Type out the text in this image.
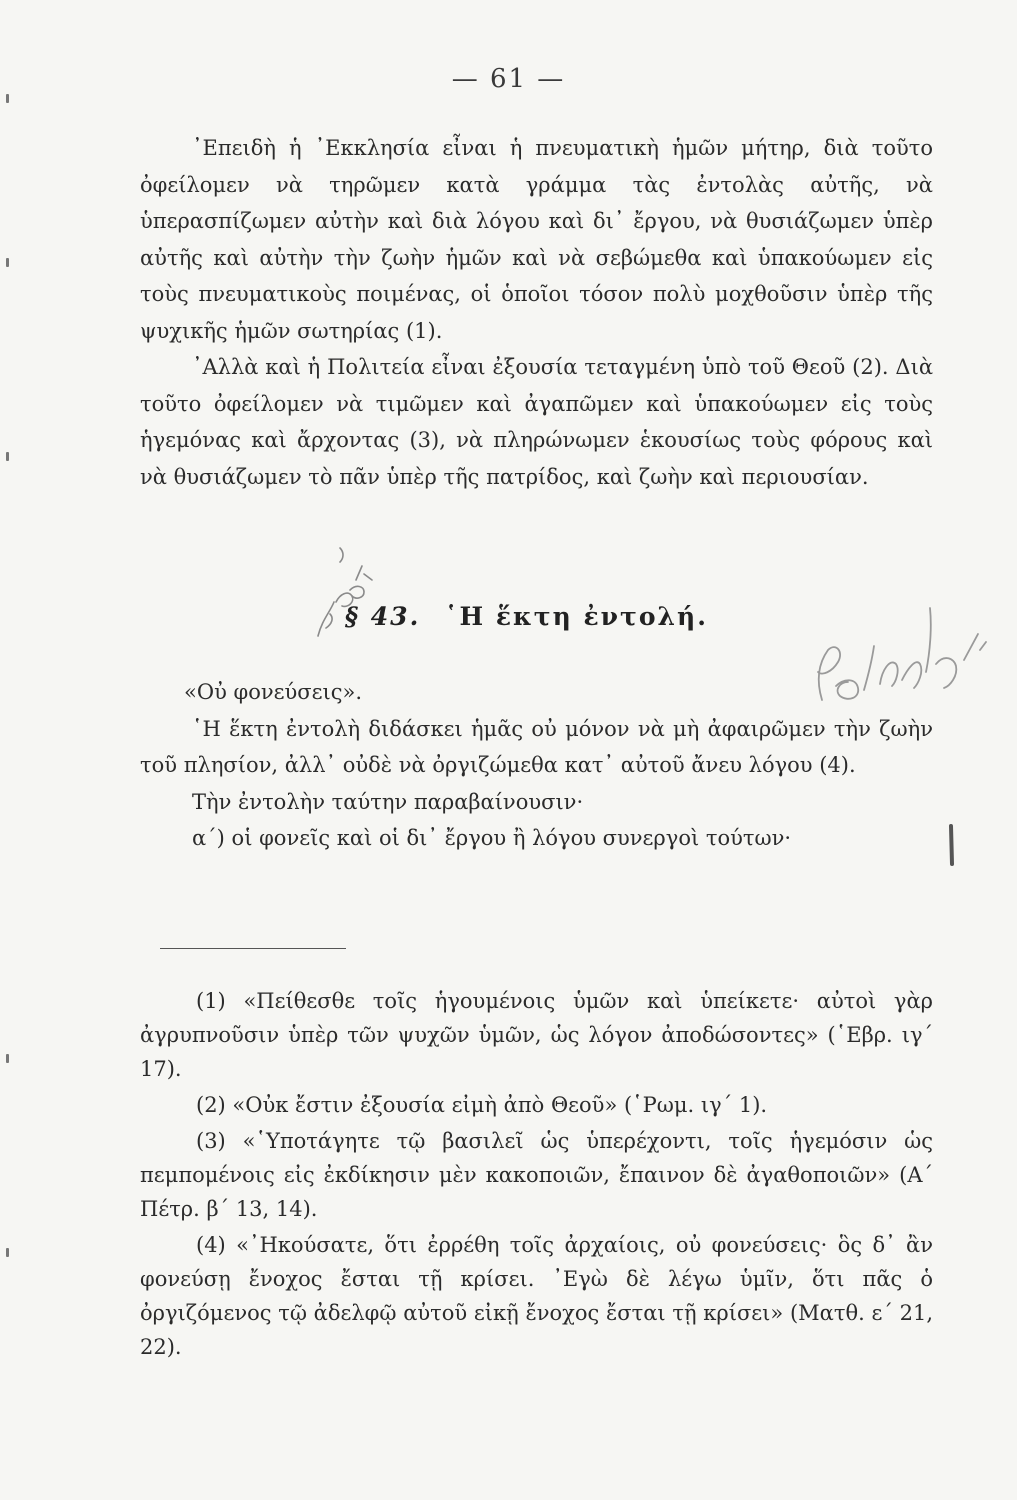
— 61 —

᾿Επειδὴ ἡ ᾿Εκκλησία εἶναι ἡ πνευματικὴ ἡμῶν μήτηρ, διὰ τοῦτο ὀφείλομεν νὰ τηρῶμεν κατὰ γράμμα τὰς ἐντολὰς αὐτῆς, νὰ ὑπερασπίζωμεν αὐτὴν καὶ διὰ λόγου καὶ δι᾿ ἔργου, νὰ θυσιάζωμεν ὑπὲρ αὐτῆς καὶ αὐτὴν τὴν ζωὴν ἡμῶν καὶ νὰ σεβώμεθα καὶ ὑπακούωμεν εἰς τοὺς πνευματικοὺς ποιμένας, οἱ ὁποῖοι τόσον πολὺ μοχθοῦσιν ὑπὲρ τῆς ψυχικῆς ἡμῶν σωτηρίας (1).

᾿Αλλὰ καὶ ἡ Πολιτεία εἶναι ἐξουσία τεταγμένη ὑπὸ τοῦ Θεοῦ (2). Διὰ τοῦτο ὀφείλομεν νὰ τιμῶμεν καὶ ἀγαπῶμεν καὶ ὑπακούωμεν εἰς τοὺς ἡγεμόνας καὶ ἄρχοντας (3), νὰ πληρώνωμεν ἑκουσίως τοὺς φόρους καὶ νὰ θυσιάζωμεν τὸ πᾶν ὑπὲρ τῆς πατρίδος, καὶ ζωὴν καὶ περιουσίαν.

§ 43. ῾Η ἕκτη ἐντολή.

«Οὐ φονεύσεις».

῾Η ἕκτη ἐντολὴ διδάσκει ἡμᾶς οὐ μόνον νὰ μὴ ἀφαιρῶμεν τὴν ζωὴν τοῦ πλησίον, ἀλλ᾿ οὐδὲ νὰ ὀργιζώμεθα κατ᾿ αὐτοῦ ἄνευ λόγου (4).

Τὴν ἐντολὴν ταύτην παραβαίνουσιν·

α΄) οἱ φονεῖς καὶ οἱ δι᾿ ἔργου ἢ λόγου συνεργοὶ τούτων·

(1) «Πείθεσθε τοῖς ἡγουμένοις ὑμῶν καὶ ὑπείκετε· αὐτοὶ γὰρ ἀγρυπνοῦσιν ὑπὲρ τῶν ψυχῶν ὑμῶν, ὡς λόγον ἀποδώσοντες» (῾Εβρ. ιγ΄ 17).

(2) «Οὐκ ἔστιν ἐξουσία εἰμὴ ἀπὸ Θεοῦ» (῾Ρωμ. ιγ΄ 1).

(3) «῾Υποτάγητε τῷ βασιλεῖ ὡς ὑπερέχοντι, τοῖς ἡγεμόσιν ὡς πεμπομένοις εἰς ἐκδίκησιν μὲν κακοποιῶν, ἔπαινον δὲ ἀγαθοποιῶν» (Α΄ Πέτρ. β΄ 13, 14).

(4) «᾿Ηκούσατε, ὅτι ἐρρέθη τοῖς ἀρχαίοις, οὐ φονεύσεις· ὃς δ᾿ ἂν φονεύσῃ ἔνοχος ἔσται τῇ κρίσει. ᾿Εγὼ δὲ λέγω ὑμῖν, ὅτι πᾶς ὁ ὀργιζόμενος τῷ ἀδελφῷ αὐτοῦ εἰκῇ ἔνοχος ἔσται τῇ κρίσει» (Ματθ. ε΄ 21, 22).
